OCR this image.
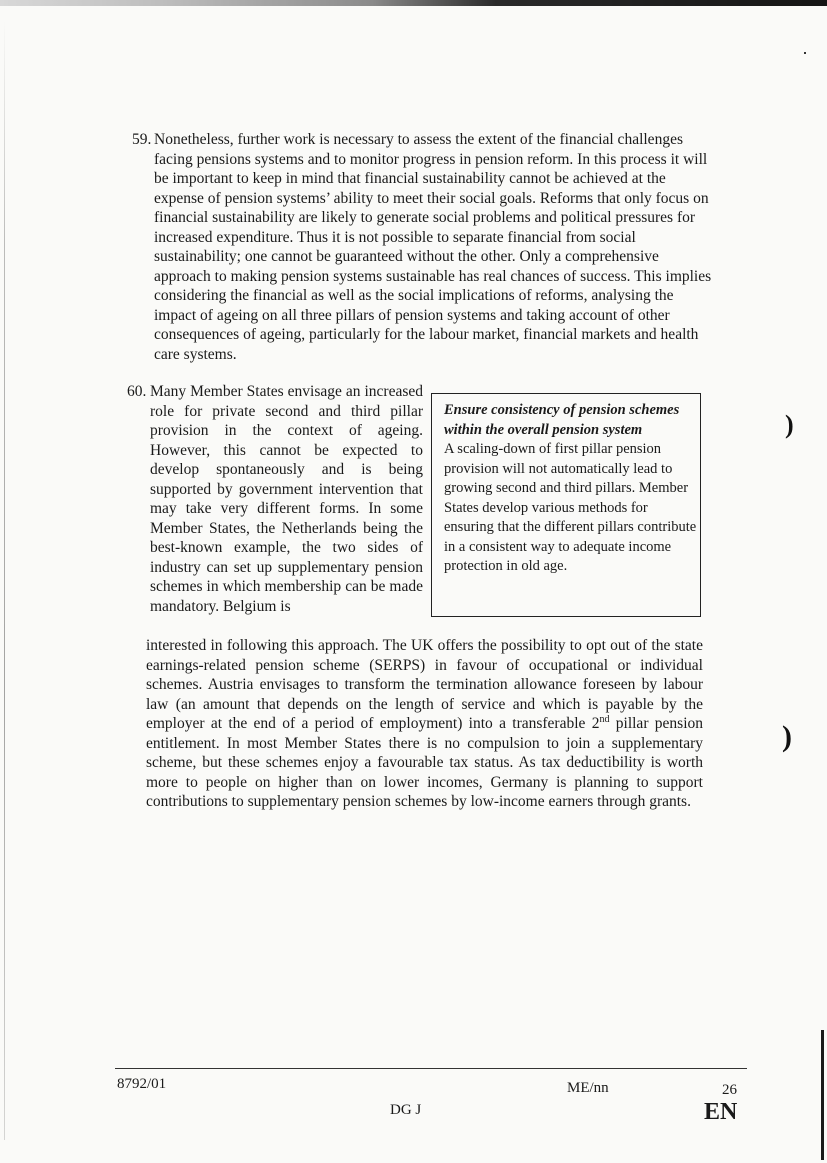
)
)
59. Nonetheless, further work is necessary to assess the extent of the financial challenges facing pensions systems and to monitor progress in pension reform. In this process it will be important to keep in mind that financial sustainability cannot be achieved at the expense of pension systems’ ability to meet their social goals. Reforms that only focus on financial sustainability are likely to generate social problems and political pressures for increased expenditure. Thus it is not possible to separate financial from social sustainability; one cannot be guaranteed without the other. Only a comprehensive approach to making pension systems sustainable has real chances of success. This implies considering the financial as well as the social implications of reforms, analysing the impact of ageing on all three pillars of pension systems and taking account of other consequences of ageing, particularly for the labour market, financial markets and health care systems.
60. Many Member States envisage an increased role for private second and third pillar provision in the context of ageing. However, this cannot be expected to develop spontaneously and is being supported by government intervention that may take very different forms. In some Member States, the Netherlands being the best-known example, the two sides of industry can set up supplementary pension schemes in which membership can be made mandatory. Belgium is
Ensure consistency of pension schemes within the overall pension system
A scaling-down of first pillar pension provision will not automatically lead to growing second and third pillars. Member States develop various methods for ensuring that the different pillars contribute in a consistent way to adequate income protection in old age.
interested in following this approach. The UK offers the possibility to opt out of the state earnings-related pension scheme (SERPS) in favour of occupational or individual schemes. Austria envisages to transform the termination allowance foreseen by labour law (an amount that depends on the length of service and which is payable by the employer at the end of a period of employment) into a transferable 2nd pillar pension entitlement. In most Member States there is no compulsion to join a supplementary scheme, but these schemes enjoy a favourable tax status. As tax deductibility is worth more to people on higher than on lower incomes, Germany is planning to support contributions to supplementary pension schemes by low-income earners through grants.
8792/01	ME/nn	26
DG J	EN
